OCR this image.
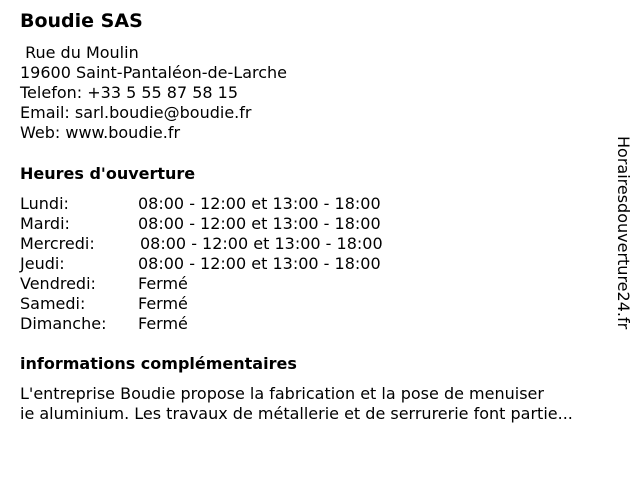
Boudie SAS
Rue du Moulin
19600 Saint-Pantaléon-de-Larche
Telefon: +33 5 55 87 58 15
Email: sarl.boudie@boudie.fr
Web: www.boudie.fr
Heures d'ouverture
Lundi:	08:00 - 12:00 et 13:00 - 18:00
Mardi:	08:00 - 12:00 et 13:00 - 18:00
Mercredi:	08:00 - 12:00 et 13:00 - 18:00
Jeudi:	08:00 - 12:00 et 13:00 - 18:00
Vendredi:	Fermé
Samedi:	Fermé
Dimanche: Fermé
informations complémentaires
L'entreprise Boudie propose la fabrication et la pose de menuiser
ie aluminium. Les travaux de métallerie et de serrurerie font partie...
Horairesdouverture24.fr
